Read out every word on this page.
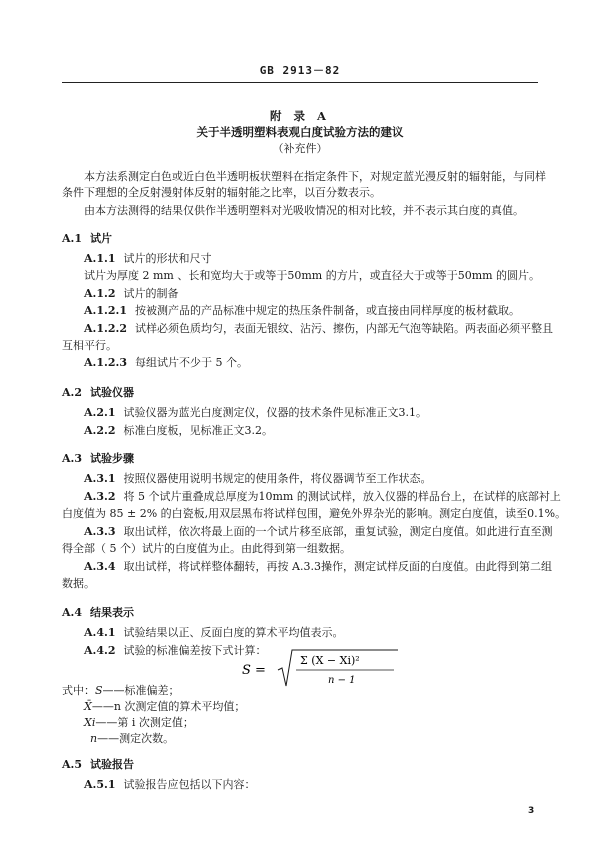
GB 2913－82
附 录 A
关于半透明塑料表观白度试验方法的建议
（补充件）
本方法系测定白色或近白色半透明板状塑料在指定条件下，对规定蓝光漫反射的辐射能，与同样
条件下理想的全反射漫射体反射的辐射能之比率，以百分数表示。
由本方法测得的结果仅供作半透明塑料对光吸收情况的相对比较，并不表示其白度的真值。
A.1 试片
A.1.1 试片的形状和尺寸
试片为厚度 2 mm 、长和宽均大于或等于50mm 的方片，或直径大于或等于50mm 的圆片。
A.1.2 试片的制备
A.1.2.1 按被测产品的产品标准中规定的热压条件制备，或直接由同样厚度的板材截取。
A.1.2.2 试样必须色质均匀，表面无银纹、沾污、擦伤，内部无气泡等缺陷。两表面必须平整且
互相平行。
A.1.2.3 每组试片不少于 5 个。
A.2 试验仪器
A.2.1 试验仪器为蓝光白度测定仪，仪器的技术条件见标准正文3.1。
A.2.2 标准白度板，见标准正文3.2。
A.3 试验步骤
A.3.1 按照仪器使用说明书规定的使用条件，将仪器调节至工作状态。
A.3.2 将 5 个试片重叠成总厚度为10mm 的测试试样，放入仪器的样品台上，在试样的底部衬上
白度值为 85 ± 2% 的白瓷板,用双层黑布将试样包围，避免外界杂光的影响。测定白度值，读至0.1%。
A.3.3 取出试样，依次将最上面的一个试片移至底部，重复试验，测定白度值。如此进行直至测
得全部（ 5 个）试片的白度值为止。由此得到第一组数据。
A.3.4 取出试样，将试样整体翻转，再按 A.3.3操作，测定试样反面的白度值。由此得到第二组
数据。
A.4 结果表示
A.4.1 试验结果以正、反面白度的算术平均值表示。
A.4.2 试验的标准偏差按下式计算：
S =
Σ (X − Xi)²
n − 1
式中：S——标准偏差；
X̄——n 次测定值的算术平均值；
Xi——第 i 次测定值；
n——测定次数。
A.5 试验报告
A.5.1 试验报告应包括以下内容：
3
